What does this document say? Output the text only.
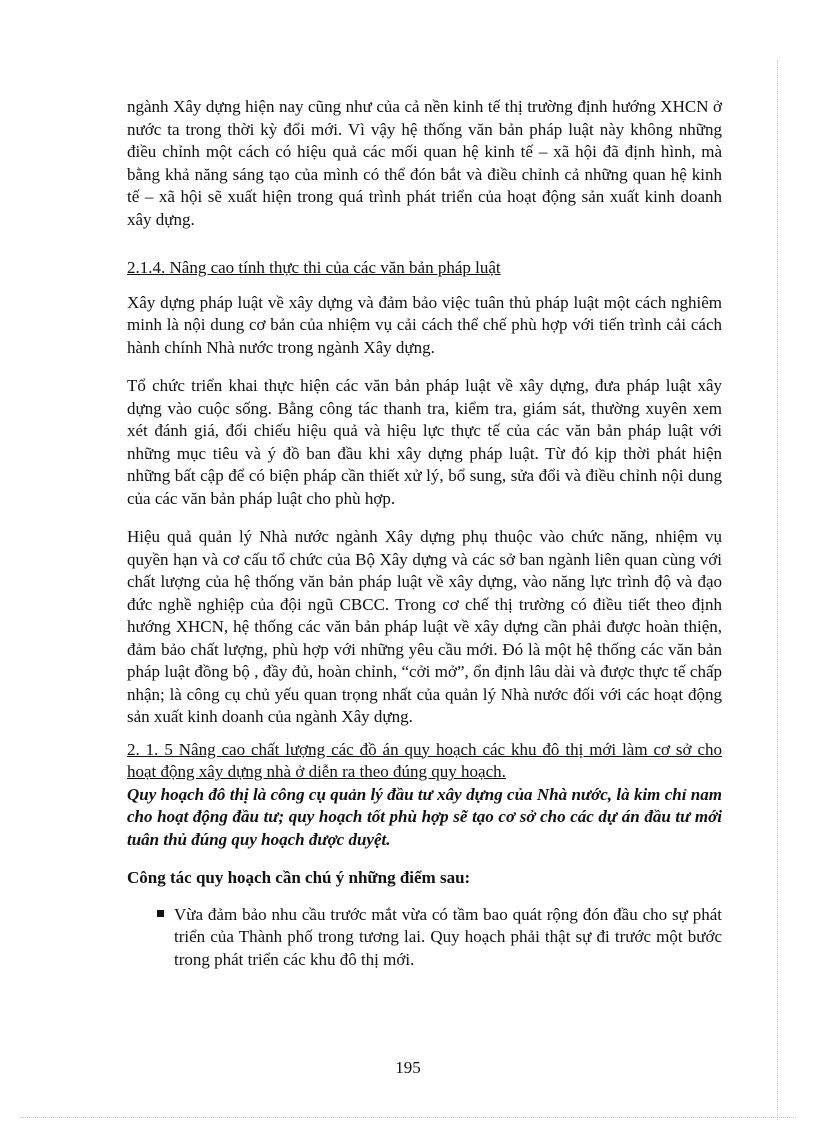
ngành Xây dựng hiện nay cũng như của cả nền kinh tế thị trường định hướng XHCN ở nước ta trong thời kỳ đổi mới. Vì vậy hệ thống văn bản pháp luật này không những điều chỉnh một cách có hiệu quả các mối quan hệ kinh tế – xã hội đã định hình, mà bằng khả năng sáng tạo của mình có thể đón bắt và điều chỉnh cả những quan hệ kinh tế – xã hội sẽ xuất hiện trong quá trình phát triển của hoạt động sản xuất kinh doanh xây dựng.

2.1.4. Nâng cao tính thực thi của các văn bản pháp luật

Xây dựng pháp luật về xây dựng và đảm bảo việc tuân thủ pháp luật một cách nghiêm minh là nội dung cơ bản của nhiệm vụ cải cách thể chế phù hợp với tiến trình cải cách hành chính Nhà nước trong ngành Xây dựng.

Tổ chức triển khai thực hiện các văn bản pháp luật về xây dựng, đưa pháp luật xây dựng vào cuộc sống. Bằng công tác thanh tra, kiểm tra, giám sát, thường xuyên xem xét đánh giá, đối chiếu hiệu quả và hiệu lực thực tế của các văn bản pháp luật với những mục tiêu và ý đồ ban đầu khi xây dựng pháp luật. Từ đó kịp thời phát hiện những bất cập để có biện pháp cần thiết xử lý, bổ sung, sửa đổi và điều chỉnh nội dung của các văn bản pháp luật cho phù hợp.

Hiệu quả quản lý Nhà nước ngành Xây dựng phụ thuộc vào chức năng, nhiệm vụ quyền hạn và cơ cấu tổ chức của Bộ Xây dựng và các sở ban ngành liên quan cùng với chất lượng của hệ thống văn bản pháp luật về xây dựng, vào năng lực trình độ và đạo đức nghề nghiệp của đội ngũ CBCC. Trong cơ chế thị trường có điều tiết theo định hướng XHCN, hệ thống các văn bản pháp luật về xây dựng cần phải được hoàn thiện, đảm bảo chất lượng, phù hợp với những yêu cầu mới. Đó là một hệ thống các văn bản pháp luật đồng bộ , đầy đủ, hoàn chỉnh, “cởi mở”, ổn định lâu dài và được thực tế chấp nhận; là công cụ chủ yếu quan trọng nhất của quản lý Nhà nước đối với các hoạt động sản xuất kinh doanh của ngành Xây dựng.

2. 1. 5 Nâng cao chất lượng các đồ án quy hoạch các khu đô thị mới làm cơ sở cho hoạt động xây dựng nhà ở diễn ra theo đúng quy hoạch.

Quy hoạch đô thị là công cụ quản lý đầu tư xây dựng của Nhà nước, là kim chỉ nam cho hoạt động đầu tư; quy hoạch tốt phù hợp sẽ tạo cơ sở cho các dự án đầu tư mới tuân thủ đúng quy hoạch được duyệt.

Công tác quy hoạch cần chú ý những điểm sau:

Vừa đảm bảo nhu cầu trước mắt vừa có tầm bao quát rộng đón đầu cho sự phát triển của Thành phố trong tương lai. Quy hoạch phải thật sự đi trước một bước trong phát triển các khu đô thị mới.

195
